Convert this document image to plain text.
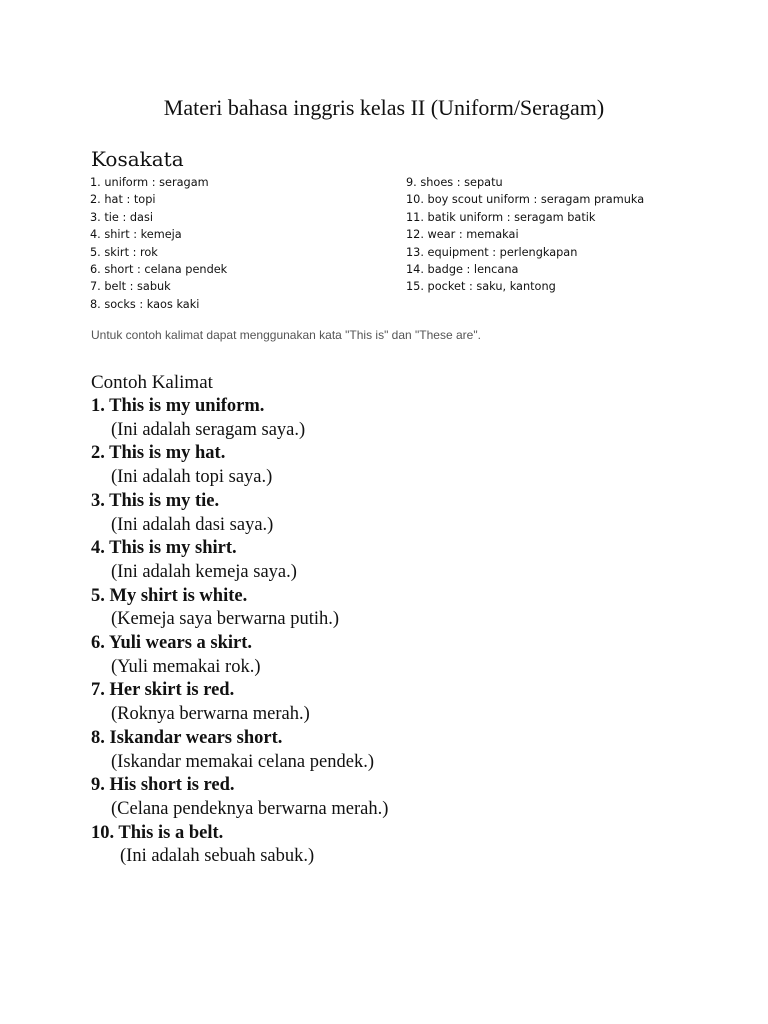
Materi bahasa inggris kelas II (Uniform/Seragam)
Kosakata
1. uniform : seragam
2. hat : topi
3. tie : dasi
4. shirt : kemeja
5. skirt : rok
6. short : celana pendek
7. belt : sabuk
8. socks : kaos kaki
9. shoes : sepatu
10. boy scout uniform : seragam pramuka
11. batik uniform : seragam batik
12. wear : memakai
13. equipment : perlengkapan
14. badge : lencana
15. pocket : saku, kantong

Untuk contoh kalimat dapat menggunakan kata "This is" dan "These are".

Contoh Kalimat
1. This is my uniform.
(Ini adalah seragam saya.)
2. This is my hat.
(Ini adalah topi saya.)
3. This is my tie.
(Ini adalah dasi saya.)
4. This is my shirt.
(Ini adalah kemeja saya.)
5. My shirt is white.
(Kemeja saya berwarna putih.)
6. Yuli wears a skirt.
(Yuli memakai rok.)
7. Her skirt is red.
(Roknya berwarna merah.)
8. Iskandar wears short.
(Iskandar memakai celana pendek.)
9. His short is red.
(Celana pendeknya berwarna merah.)
10. This is a belt.
(Ini adalah sebuah sabuk.)
